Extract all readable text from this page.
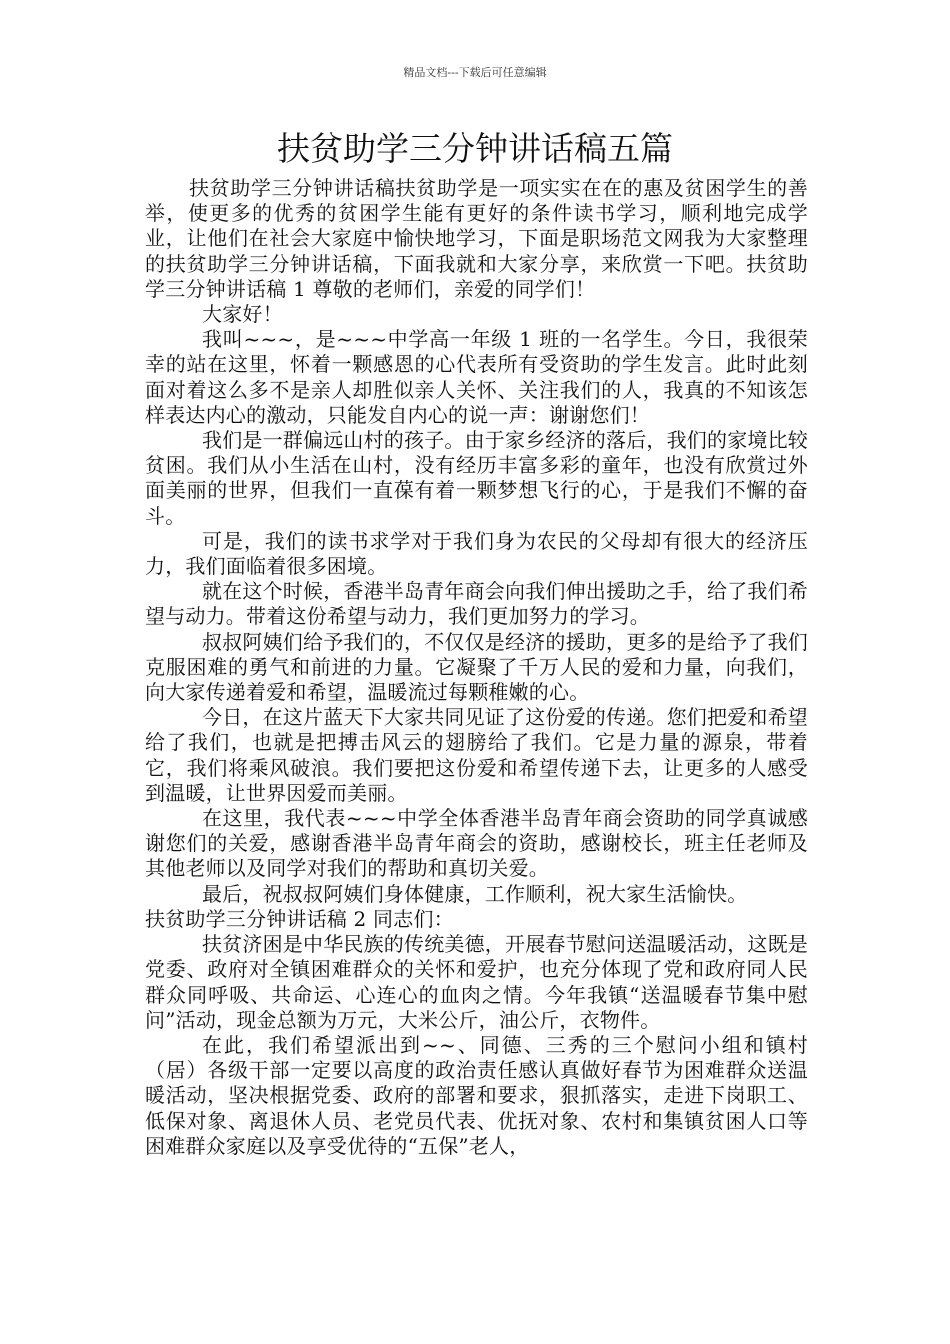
精品文档---下载后可任意编辑
扶贫助学三分钟讲话稿五篇

扶贫助学三分钟讲话稿扶贫助学是一项实实在在的惠及贫困学生的善举，使更多的优秀的贫困学生能有更好的条件读书学习，顺利地完成学业，让他们在社会大家庭中愉快地学习，下面是职场范文网我为大家整理的扶贫助学三分钟讲话稿，下面我就和大家分享，来欣赏一下吧。扶贫助学三分钟讲话稿 1 尊敬的老师们，亲爱的同学们！

大家好！

我叫~~~，是~~~中学高一年级 1 班的一名学生。今日，我很荣幸的站在这里，怀着一颗感恩的心代表所有受资助的学生发言。此时此刻面对着这么多不是亲人却胜似亲人关怀、关注我们的人，我真的不知该怎样表达内心的激动，只能发自内心的说一声：谢谢您们！

我们是一群偏远山村的孩子。由于家乡经济的落后，我们的家境比较贫困。我们从小生活在山村，没有经历丰富多彩的童年，也没有欣赏过外面美丽的世界，但我们一直葆有着一颗梦想飞行的心，于是我们不懈的奋斗。

可是，我们的读书求学对于我们身为农民的父母却有很大的经济压力，我们面临着很多困境。

就在这个时候，香港半岛青年商会向我们伸出援助之手，给了我们希望与动力。带着这份希望与动力，我们更加努力的学习。

叔叔阿姨们给予我们的，不仅仅是经济的援助，更多的是给予了我们克服困难的勇气和前进的力量。它凝聚了千万人民的爱和力量，向我们，向大家传递着爱和希望，温暖流过每颗稚嫩的心。

今日，在这片蓝天下大家共同见证了这份爱的传递。您们把爱和希望给了我们，也就是把搏击风云的翅膀给了我们。它是力量的源泉，带着它，我们将乘风破浪。我们要把这份爱和希望传递下去，让更多的人感受到温暖，让世界因爱而美丽。

在这里，我代表~~~中学全体香港半岛青年商会资助的同学真诚感谢您们的关爱，感谢香港半岛青年商会的资助，感谢校长，班主任老师及其他老师以及同学对我们的帮助和真切关爱。

最后，祝叔叔阿姨们身体健康，工作顺利，祝大家生活愉快。

扶贫助学三分钟讲话稿 2 同志们：

扶贫济困是中华民族的传统美德，开展春节慰问送温暖活动，这既是党委、政府对全镇困难群众的关怀和爱护，也充分体现了党和政府同人民群众同呼吸、共命运、心连心的血肉之情。今年我镇“送温暖春节集中慰问”活动，现金总额为万元，大米公斤，油公斤，衣物件。

在此，我们希望派出到~~、同德、三秀的三个慰问小组和镇村（居）各级干部一定要以高度的政治责任感认真做好春节为困难群众送温暖活动，坚决根据党委、政府的部署和要求，狠抓落实，走进下岗职工、低保对象、离退休人员、老党员代表、优抚对象、农村和集镇贫困人口等困难群众家庭以及享受优待的“五保”老人，
